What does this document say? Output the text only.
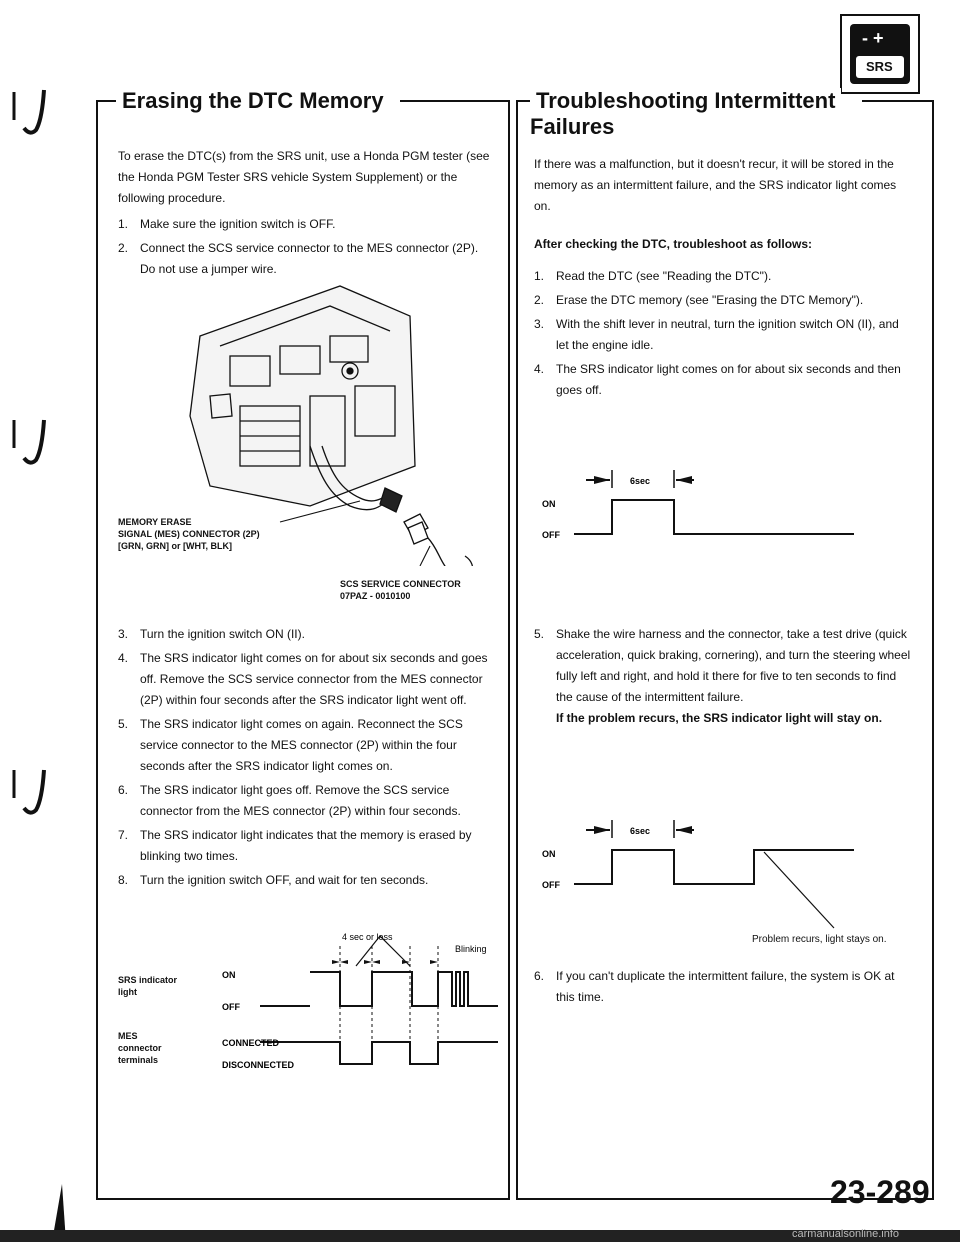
- +
SRS
Erasing the DTC Memory
To erase the DTC(s) from the SRS unit, use a Honda PGM tester (see the Honda PGM Tester SRS vehicle System Supplement) or the following procedure.
1. Make sure the ignition switch is OFF.
2. Connect the SCS service connector to the MES connector (2P). Do not use a jumper wire.
MEMORY ERASE
SIGNAL (MES) CONNECTOR (2P)
[GRN, GRN] or [WHT, BLK]
SCS SERVICE CONNECTOR
07PAZ - 0010100
3. Turn the ignition switch ON (II).
4. The SRS indicator light comes on for about six seconds and goes off. Remove the SCS service connector from the MES connector (2P) within four seconds after the SRS indicator light went off.
5. The SRS indicator light comes on again. Reconnect the SCS service connector to the MES connector (2P) within the four seconds after the SRS indicator light comes on.
6. The SRS indicator light goes off. Remove the SCS service connector from the MES connector (2P) within four seconds.
7. The SRS indicator light indicates that the memory is erased by blinking two times.
8. Turn the ignition switch OFF, and wait for ten seconds.
4 sec or less
Blinking
ON
OFF
CONNECTED
DISCONNECTED
SRS indicator
light
MES
connector
terminals
Troubleshooting Intermittent
Failures
If there was a malfunction, but it doesn't recur, it will be stored in the memory as an intermittent failure, and the SRS indicator light comes on.
After checking the DTC, troubleshoot as follows:
1. Read the DTC (see "Reading the DTC").
2. Erase the DTC memory (see "Erasing the DTC Memory").
3. With the shift lever in neutral, turn the ignition switch ON (II), and let the engine idle.
4. The SRS indicator light comes on for about six seconds and then goes off.
6sec
ON
OFF
5. Shake the wire harness and the connector, take a test drive (quick acceleration, quick braking, cornering), and turn the steering wheel fully left and right, and hold it there for five to ten seconds to find the cause of the intermittent failure.
If the problem recurs, the SRS indicator light will stay on.
6sec
ON
OFF
Problem recurs, light stays on.
6. If you can't duplicate the intermittent failure, the system is OK at this time.
23-289
carmanualsonline.info
